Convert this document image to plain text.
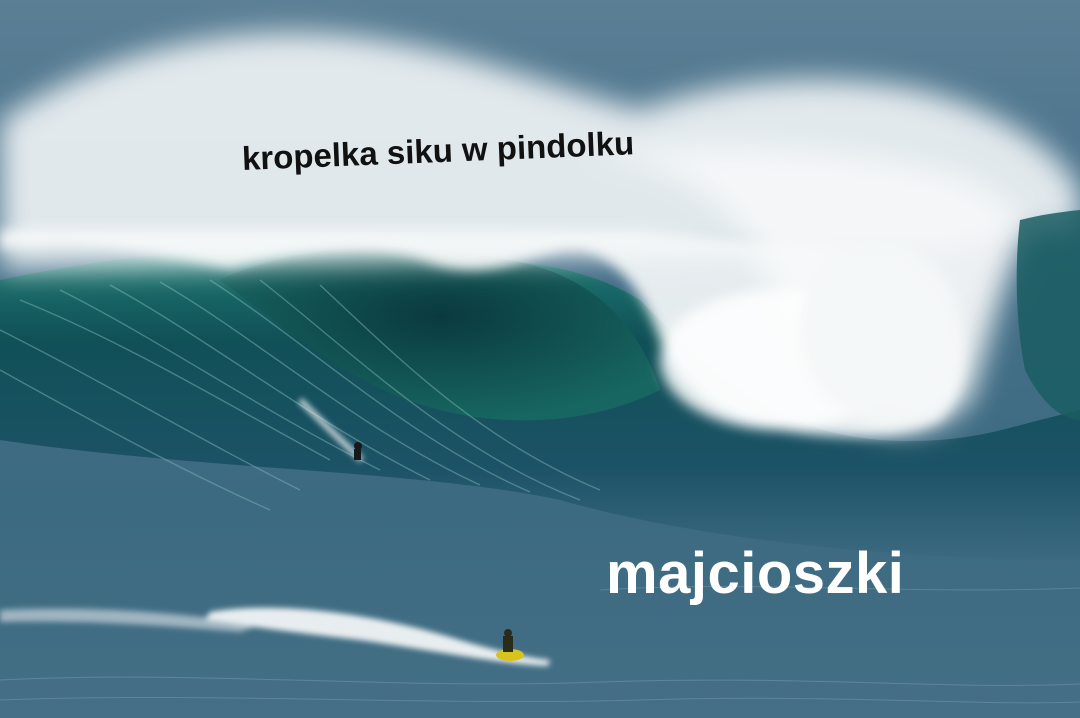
kropelka siku w pindolku
majcioszki
